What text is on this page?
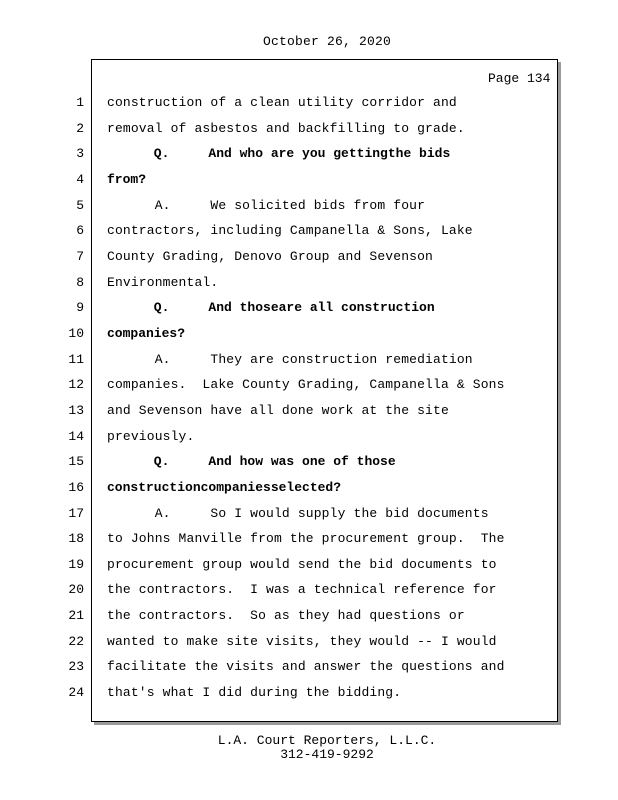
October 26, 2020
Page 134
1 construction of a clean utility corridor and
2 removal of asbestos and backfilling to grade.
3 Q.     And who are you gettingthe bids
4 from?
5 A.     We solicited bids from four
6 contractors, including Campanella & Sons, Lake
7 County Grading, Denovo Group and Sevenson
8 Environmental.
9 Q.     And thoseare all construction
10 companies?
11 A.     They are construction remediation
12 companies.  Lake County Grading, Campanella & Sons
13 and Sevenson have all done work at the site
14 previously.
15 Q.     And how was one of those
16 constructioncompaniesselected?
17 A.     So I would supply the bid documents
18 to Johns Manville from the procurement group.  The
19 procurement group would send the bid documents to
20 the contractors.  I was a technical reference for
21 the contractors.  So as they had questions or
22 wanted to make site visits, they would -- I would
23 facilitate the visits and answer the questions and
24 that's what I did during the bidding.
L.A. Court Reporters, L.L.C.
312-419-9292
